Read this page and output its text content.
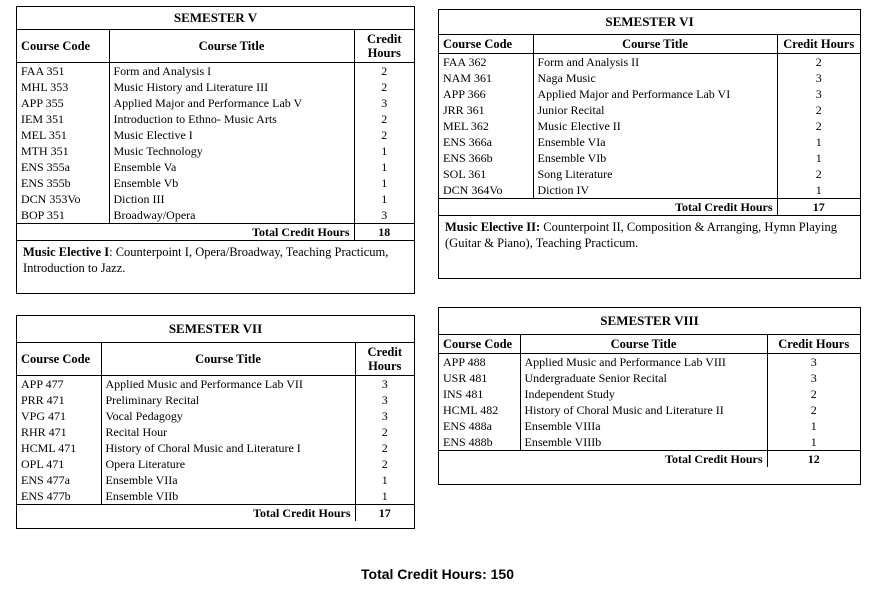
SEMESTER V
Course Code	Course Title	Credit Hours
FAA 351	Form and Analysis I	2
MHL 353	Music History and Literature III	2
APP 355	Applied Major and Performance Lab V	3
IEM 351	Introduction to Ethno- Music Arts	2
MEL 351	Music Elective I	2
MTH 351	Music Technology	1
ENS 355a	Ensemble Va	1
ENS 355b	Ensemble Vb	1
DCN 353Vo	Diction III	1
BOP 351	Broadway/Opera	3
Total Credit Hours		18
Music Elective I: Counterpoint I, Opera/Broadway, Teaching Practicum, Introduction to Jazz.
SEMESTER VI
Course Code	Course Title	Credit Hours
FAA 362	Form and Analysis II	2
NAM 361	Naga Music	3
APP 366	Applied Major and Performance Lab VI	3
JRR 361	Junior Recital	2
MEL 362	Music Elective II	2
ENS 366a	Ensemble VIa	1
ENS 366b	Ensemble VIb	1
SOL 361	Song Literature	2
DCN 364Vo	Diction IV	1
Total Credit Hours		17
Music Elective II: Counterpoint II, Composition & Arranging, Hymn Playing (Guitar & Piano), Teaching Practicum.
SEMESTER VII
Course Code	Course Title	Credit Hours
APP 477	Applied Music and Performance Lab VII	3
PRR 471	Preliminary Recital	3
VPG 471	Vocal Pedagogy	3
RHR 471	Recital Hour	2
HCML 471	History of Choral Music and Literature I	2
OPL 471	Opera Literature	2
ENS 477a	Ensemble VIIa	1
ENS 477b	Ensemble VIIb	1
Total Credit Hours		17
SEMESTER VIII
Course Code	Course Title	Credit Hours
APP 488	Applied Music and Performance Lab VIII	3
USR 481	Undergraduate Senior Recital	3
INS 481	Independent Study	2
HCML 482	History of Choral Music and Literature II	2
ENS 488a	Ensemble VIIIa	1
ENS 488b	Ensemble VIIIb	1
Total Credit Hours		12
Total Credit Hours: 150
